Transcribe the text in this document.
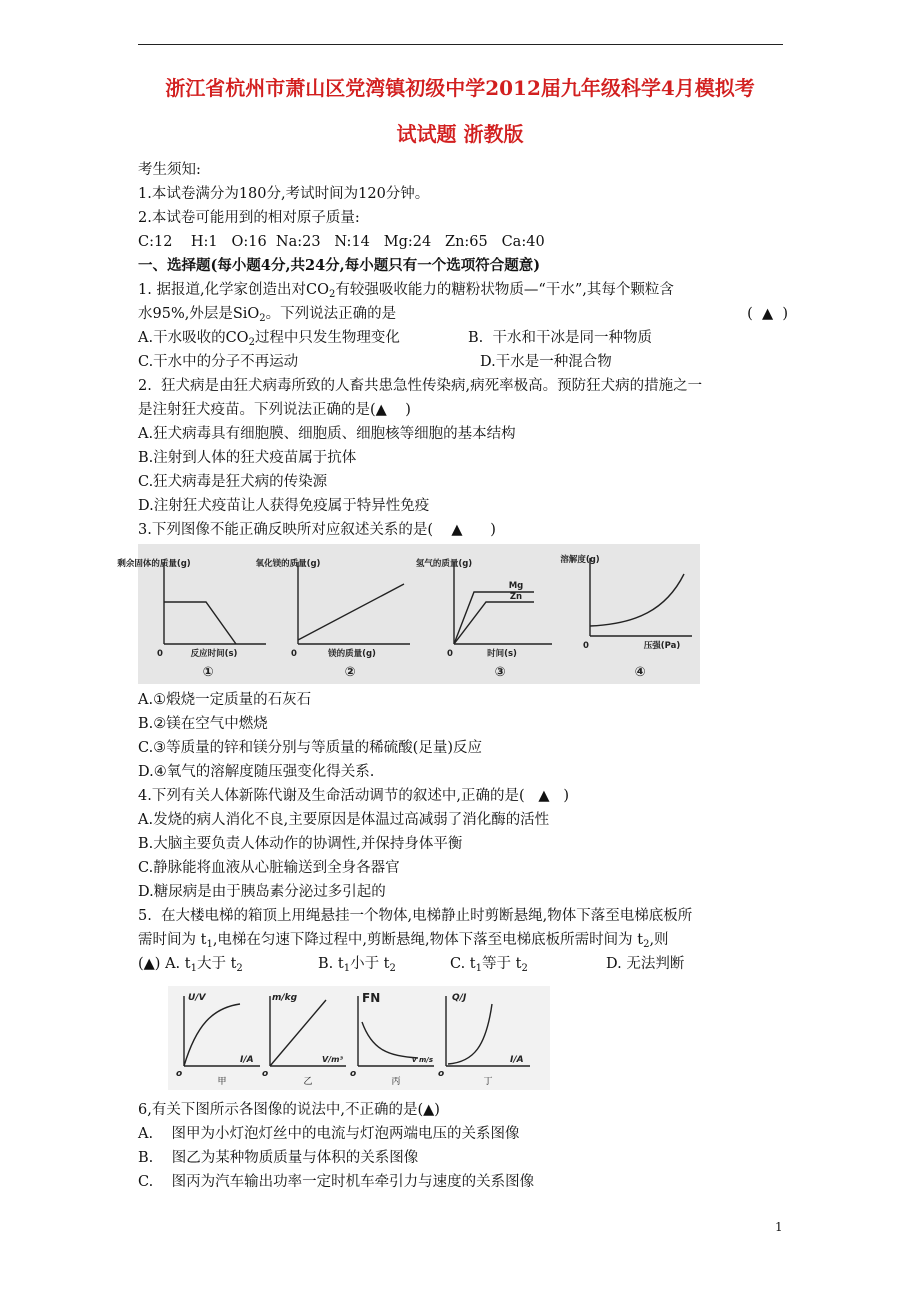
浙江省杭州市萧山区党湾镇初级中学2012届九年级科学4月模拟考
试试题 浙教版
考生须知:
1.本试卷满分为180分,考试时间为120分钟。
2.本试卷可能用到的相对原子质量:
C:12    H:1   O:16  Na:23   N:14   Mg:24   Zn:65   Ca:40
一、选择题(每小题4分,共24分,每小题只有一个选项符合题意)
1. 据报道,化学家创造出对$CO_2$有较强吸收能力的糖粉状物质—“干水”,其每个颗粒含
水95%,外层是SiO$_2$。下列说法正确的是	(  ▲  )
A.干水吸收的$CO_2$过程中只发生物理变化	B.  干水和干冰是同一种物质
C.干水中的分子不再运动	D.干水是一种混合物
2.  狂犬病是由狂犬病毒所致的人畜共患急性传染病,病死率极高。预防狂犬病的措施之一
是注射狂犬疫苗。下列说法正确的是(▲    )
A.狂犬病毒具有细胞膜、细胞质、细胞核等细胞的基本结构
B.注射到人体的狂犬疫苗属于抗体
C.狂犬病毒是狂犬病的传染源
D.注射狂犬疫苗让人获得免疫属于特异性免疫
3.下列图像不能正确反映所对应叙述关系的是(    ▲      )
剩余固体的质量(g)
反应时间(s)
①
氧化镁的质量(g)
镁的质量(g)
②
氢气的质量(g)
时间(s)
Mg
Zn
③
溶解度(g)
压强(Pa)
④
0	0	0
0
A.①煅烧一定质量的石灰石
B.②镁在空气中燃烧
C.③等质量的锌和镁分别与等质量的稀硫酸(足量)反应
D.④氧气的溶解度随压强变化得关系.
4.下列有关人体新陈代谢及生命活动调节的叙述中,正确的是(   ▲   )
A.发烧的病人消化不良,主要原因是体温过高减弱了消化酶的活性
B.大脑主要负责人体动作的协调性,并保持身体平衡
C.静脉能将血液从心脏输送到全身各器官
D.糖尿病是由于胰岛素分泌过多引起的
5.  在大楼电梯的箱顶上用绳悬挂一个物体,电梯静止时剪断悬绳,物体下落至电梯底板所
需时间为 $t_1$,电梯在匀速下降过程中,剪断悬绳,物体下落至电梯底板所需时间为 $t_2$,则
(▲) A. $t_1$大于 $t_2$	B. $t_1$小于 $t_2$	C. $t_1$等于 $t_2$	D. 无法判断
U/V
I/A
m/kg
V/m³
FN
v m/s
Q/J
I/A
o	o	o	o
甲	乙	丙	丁
6,有关下图所示各图像的说法中,不正确的是(▲)
A.    图甲为小灯泡灯丝中的电流与灯泡两端电压的关系图像
B.    图乙为某种物质质量与体积的关系图像
C.    图丙为汽车输出功率一定时机车牵引力与速度的关系图像
1
